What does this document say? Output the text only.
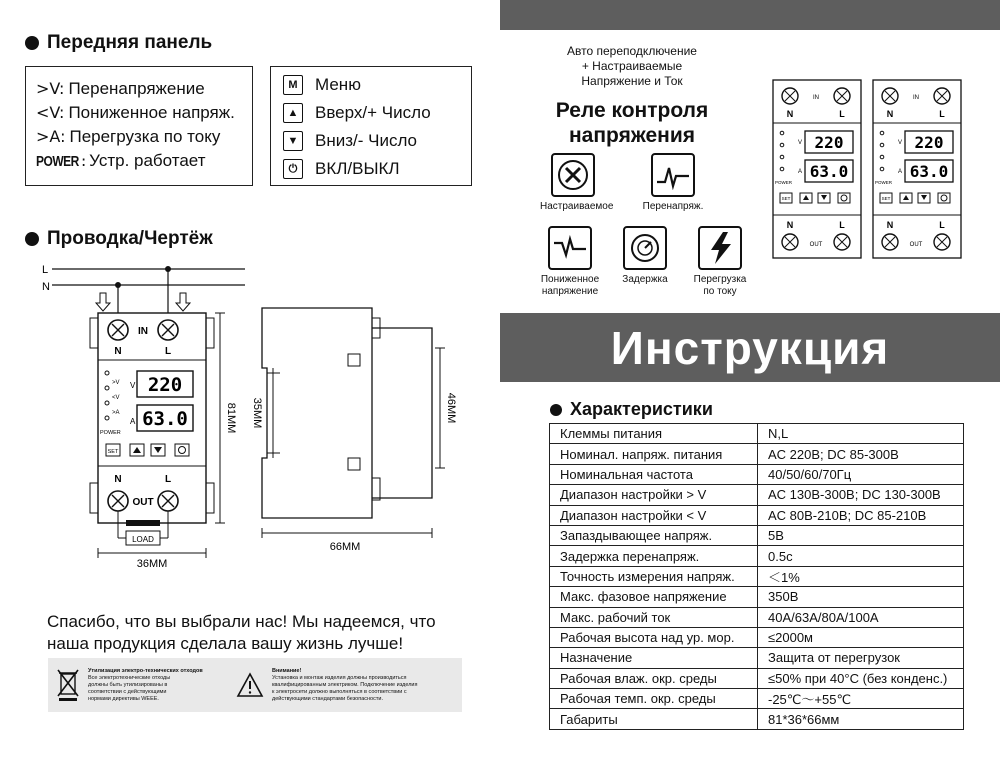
Передняя панель
>V: Перенапряжение
<V: Пониженное напряж.
>A: Перегрузка по току
POWER : Устр. работает
M	Меню
▲ Вверх/+ Число
▼ Вниз/- Число
⏻	ВКЛ/ВЫКЛ
Проводка/Чертёж
L
N
IN
N	L
>V
<V
>A
POWER
V
A
220
63.0
SET
N	L
OUT
LOAD
36MM
81MM 35MM	46MM
66MM
Спасибо, что вы выбрали нас! Мы надеемся, что
наша продукция сделала вашу жизнь лучше!
Утилизация электро-технических отходов
Все электротехнические отходы
должны быть утилизированы в
соответствии с действующими
нормами директивы WEEE.
Внимание!
Установка и монтаж изделия должны производиться
квалифицированным электриком. Подключение изделия
к электросети должно выполняться в соответствии с
действующими стандартами безопасности.
Авто переподключение
+ Настраиваемые
Напряжение и Ток
Реле контроля
напряжения
Настраиваемое	Перенапряж.
Пониженное
напряжение
Задержка	Перегрузка
по току
IN
N	L
220
63.0
V
A
POWER
SET
N	L
OUT
IN
N	L
220
63.0
V
A
POWER
SET
N	L
OUT
Инструкция
Характеристики
Клеммы питания	N,L
Номинал. напряж. питания	AC 220В; DC 85-300В
Номинальная частота	40/50/60/70Гц
Диапазон настройки > V	AC 130В-300В; DC 130-300В
Диапазон настройки < V	AC 80В-210В; DC 85-210В
Запаздывающее напряж.	5В
Задержка перенапряж.	0.5с
Точность измерения напряж.	＜1%
Макс. фазовое напряжение	350В
Макс. рабочий ток	40А/63А/80А/100А
Рабочая высота над ур. мор.	≤2000м
Назначение	Защита от перегрузок
Рабочая влаж. окр. среды	≤50% при 40°C (без конденс.)
Рабочая темп. окр. среды	-25℃～+55℃
Габариты	81*36*66мм
